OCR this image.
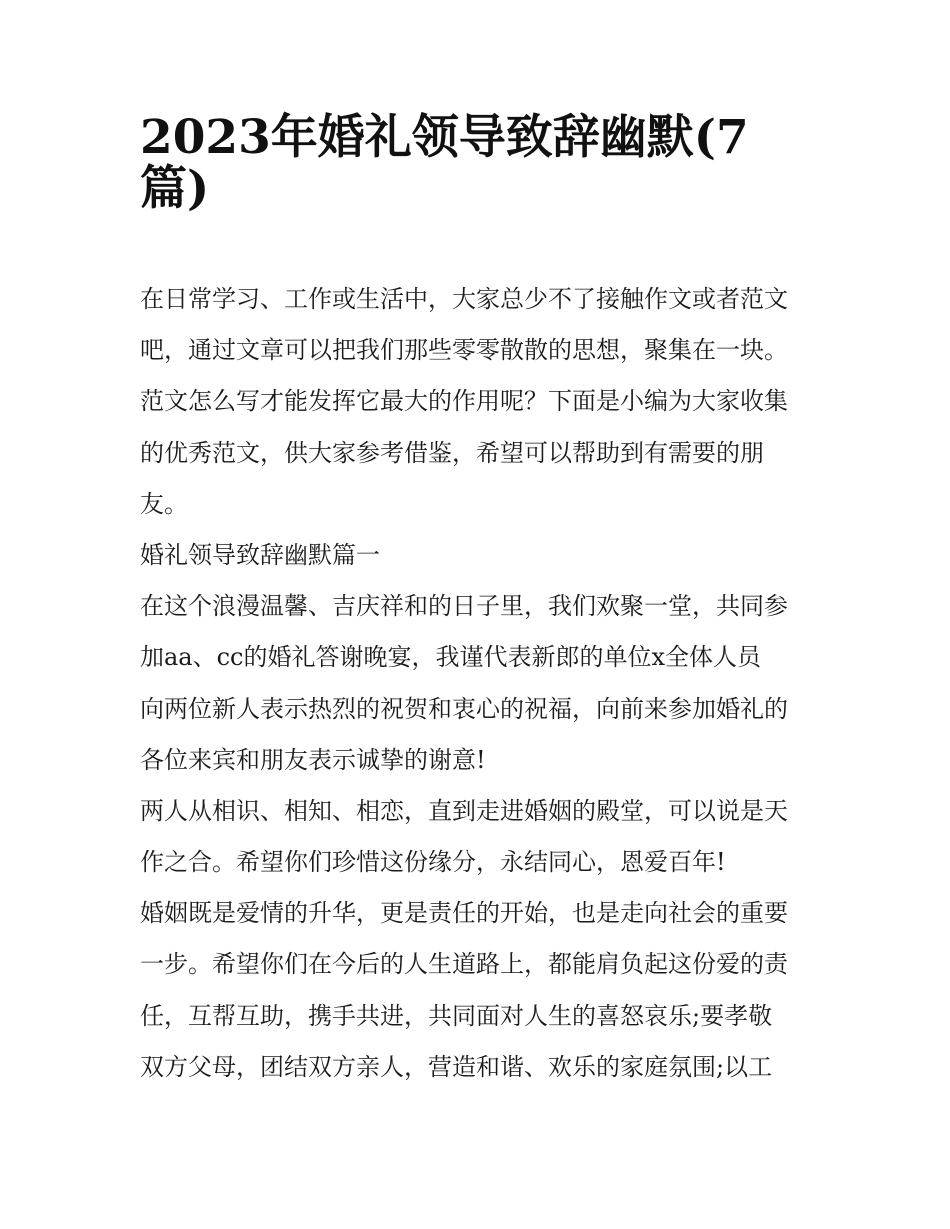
2023年婚礼领导致辞幽默(7
篇)
在日常学习、工作或生活中，大家总少不了接触作文或者范文
吧，通过文章可以把我们那些零零散散的思想，聚集在一块。
范文怎么写才能发挥它最大的作用呢？下面是小编为大家收集
的优秀范文，供大家参考借鉴，希望可以帮助到有需要的朋
友。
婚礼领导致辞幽默篇一
在这个浪漫温馨、吉庆祥和的日子里，我们欢聚一堂，共同参
加aa、cc的婚礼答谢晚宴，我谨代表新郎的单位x全体人员
向两位新人表示热烈的祝贺和衷心的祝福，向前来参加婚礼的
各位来宾和朋友表示诚挚的谢意!
两人从相识、相知、相恋，直到走进婚姻的殿堂，可以说是天
作之合。希望你们珍惜这份缘分，永结同心，恩爱百年!
婚姻既是爱情的升华，更是责任的开始，也是走向社会的重要
一步。希望你们在今后的人生道路上，都能肩负起这份爱的责
任，互帮互助，携手共进，共同面对人生的喜怒哀乐;要孝敬
双方父母，团结双方亲人，营造和谐、欢乐的家庭氛围;以工
